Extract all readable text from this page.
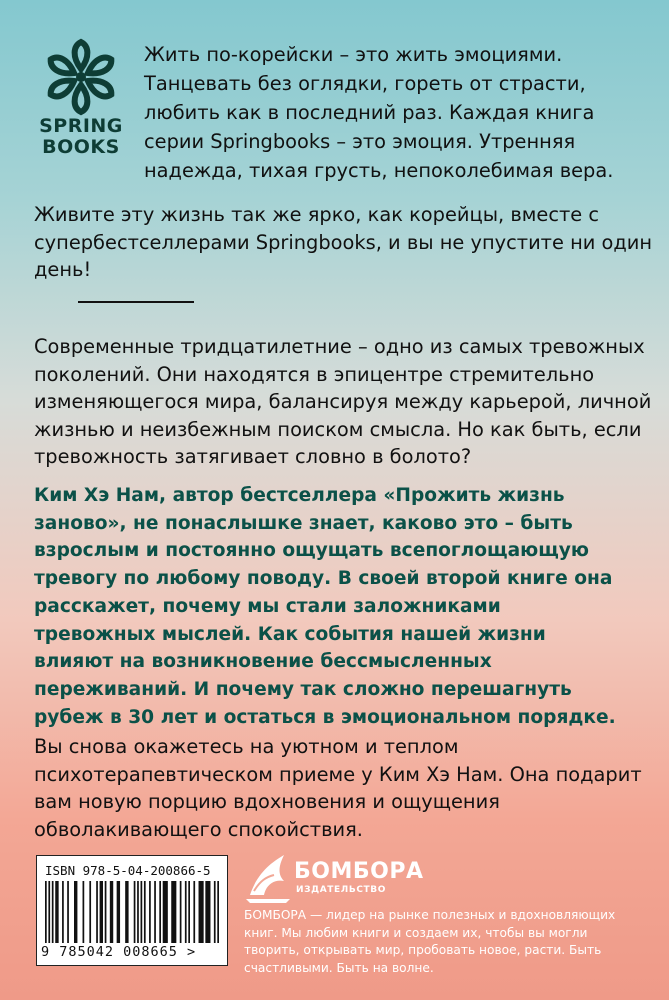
SPRING
BOOKS

Жить по-корейски – это жить эмоциями. Танцевать без оглядки, гореть от страсти, любить как в последний раз. Каждая книга серии Springbooks – это эмоция. Утренняя надежда, тихая грусть, непоколебимая вера.

Живите эту жизнь так же ярко, как корейцы, вместе с супербестселлерами Springbooks, и вы не упустите ни один день!

Современные тридцатилетние – одно из самых тревожных поколений. Они находятся в эпицентре стремительно изменяющегося мира, балансируя между карьерой, личной жизнью и неизбежным поиском смысла. Но как быть, если тревожность затягивает словно в болото?

Ким Хэ Нам, автор бестселлера «Прожить жизнь заново», не понаслышке знает, каково это – быть взрослым и постоянно ощущать всепоглощающую тревогу по любому поводу. В своей второй книге она расскажет, почему мы стали заложниками тревожных мыслей. Как события нашей жизни влияют на возникновение бессмысленных переживаний. И почему так сложно перешагнуть рубеж в 30 лет и остаться в эмоциональном порядке.

Вы снова окажетесь на уютном и теплом психотерапевтическом приеме у Ким Хэ Нам. Она подарит вам новую порцию вдохновения и ощущения обволакивающего спокойствия.

ISBN 978-5-04-200866-5
9 785042 008665 >
БОМБОРА
ИЗДАТЕЛЬСТВО

БОМБОРА — лидер на рынке полезных и вдохновляющих книг. Мы любим книги и создаем их, чтобы вы могли творить, открывать мир, пробовать новое, расти. Быть счастливыми. Быть на волне.
